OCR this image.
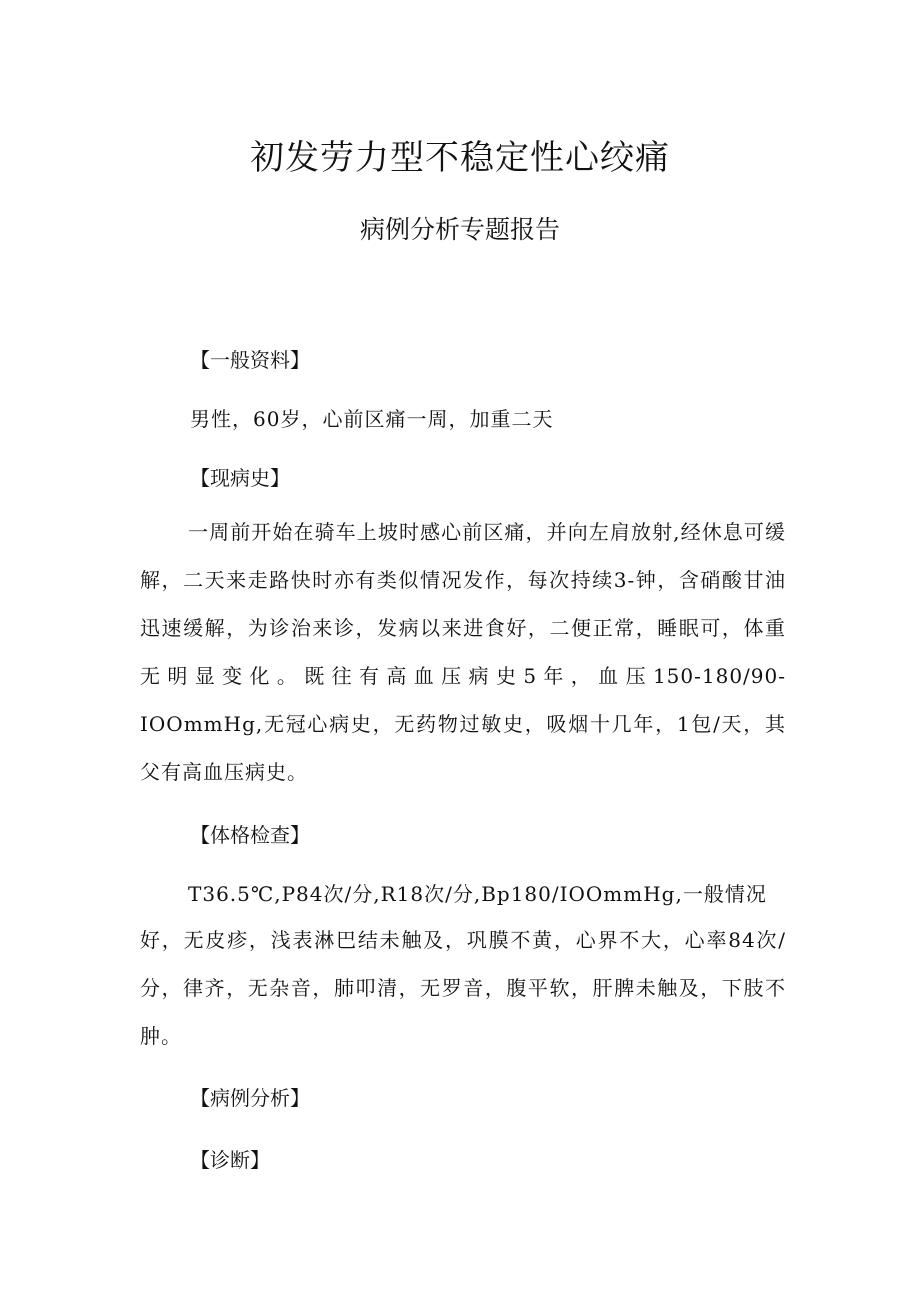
初发劳力型不稳定性心绞痛
病例分析专题报告
【一般资料】
男性，60岁，心前区痛一周，加重二天
【现病史】

一周前开始在骑车上坡时感心前区痛，并向左肩放射,经休息可缓解，二天来走路快时亦有类似情况发作，每次持续3-钟，含硝酸甘油迅速缓解，为诊治来诊，发病以来进食好，二便正常，睡眠可，体重无明显变化。既往有高血压病史5年，血压150-180/90-IOOmmHg,无冠心病史，无药物过敏史，吸烟十几年，1包/天，其父有高血压病史。

【体格检查】
T36.5℃,P84次/分,R18次/分,Bp180/IOOmmHg,一般情况

好，无皮疹，浅表淋巴结未触及，巩膜不黄，心界不大，心率84次/分，律齐，无杂音，肺叩清，无罗音，腹平软，肝脾未触及，下肢不肿。

【病例分析】
【诊断】
